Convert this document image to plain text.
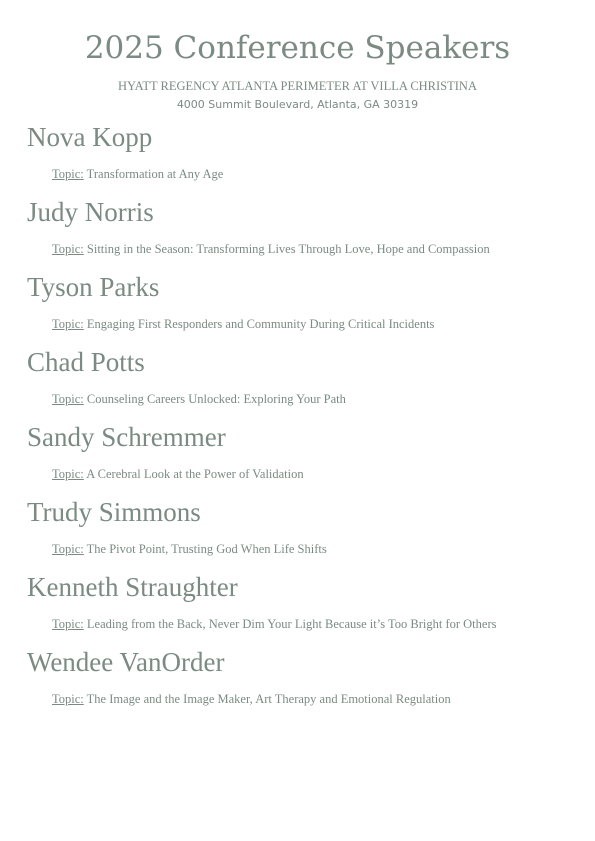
2025 Conference Speakers
HYATT REGENCY ATLANTA PERIMETER AT VILLA CHRISTINA
4000 Summit Boulevard, Atlanta, GA 30319
Nova Kopp
Topic: Transformation at Any Age
Judy Norris
Topic: Sitting in the Season: Transforming Lives Through Love, Hope and Compassion
Tyson Parks
Topic: Engaging First Responders and Community During Critical Incidents
Chad Potts
Topic: Counseling Careers Unlocked: Exploring Your Path
Sandy Schremmer
Topic: A Cerebral Look at the Power of Validation
Trudy Simmons
Topic: The Pivot Point, Trusting God When Life Shifts
Kenneth Straughter
Topic: Leading from the Back, Never Dim Your Light Because it’s Too Bright for Others
Wendee VanOrder
Topic: The Image and the Image Maker, Art Therapy and Emotional Regulation
